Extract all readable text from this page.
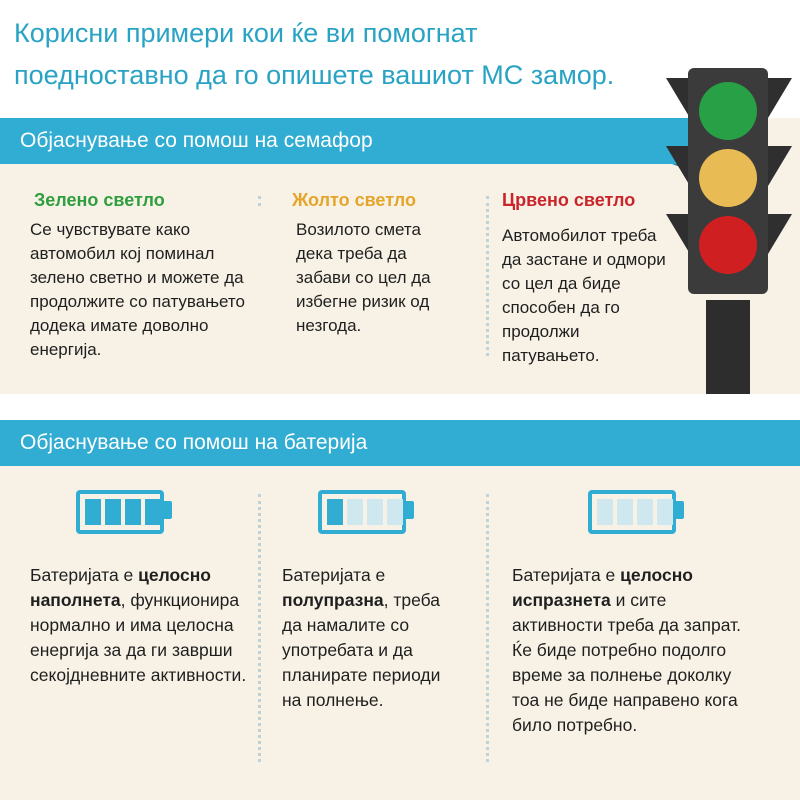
Корисни примери кои ќе ви помогнат поедноставно да го опишете вашиот МС замор.
Објаснување со помош на семафор
Зелено светло
Се чувствувате како автомобил кој поминал зелено светно и можете да продолжите со патувањето додека имате доволно енергија.
Жолто светло
Возилото смета дека треба да забави со цел да избегне ризик од незгода.
Црвено светло
Автомобилот треба да застане и одмори со цел да биде способен да го продолжи патувањето.
Објаснување со помош на батерија
Батеријата е целосно наполнета, функционира нормално и има целосна енергија за да ги заврши секојдневните активности.
Батеријата е полупразна, треба да намалите со употребата и да планирате периоди на полнење.
Батеријата е целосно испразнета и сите активности треба да запрат. Ќе биде потребно подолго време за полнење доколку тоа не биде направено кога било потребно.
